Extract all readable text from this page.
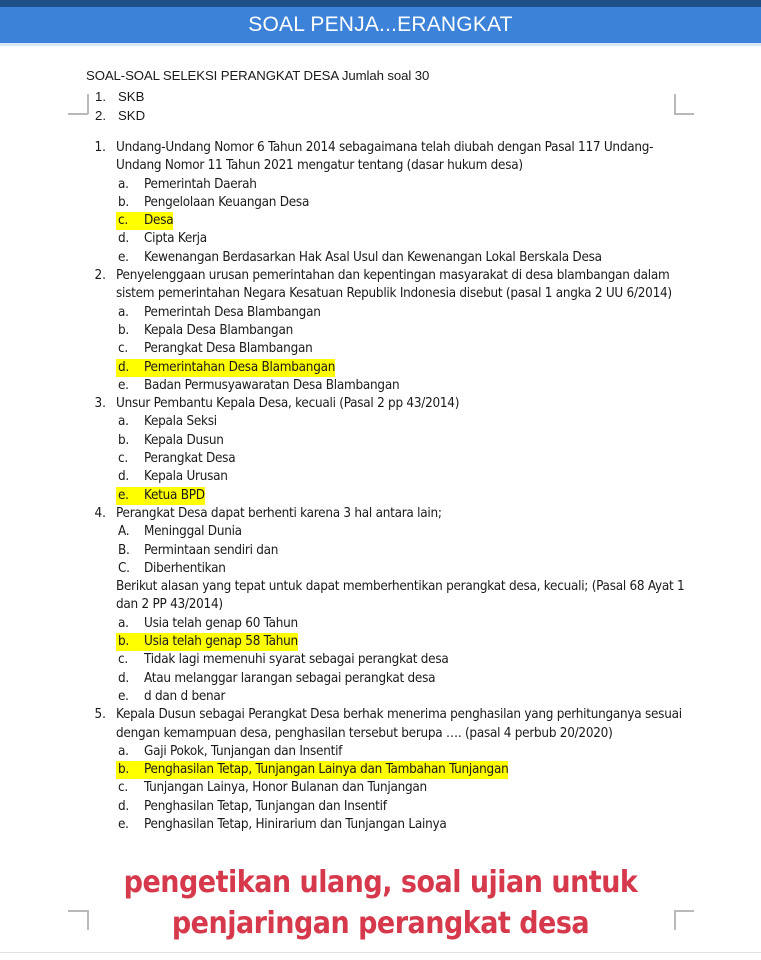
SOAL PENJA...ERANGKAT
SOAL-SOAL SELEKSI PERANGKAT DESA Jumlah soal 30
1. SKB
2. SKD
1. Undang-Undang Nomor 6 Tahun 2014 sebagaimana telah diubah dengan Pasal 117 Undang-Undang Nomor 11 Tahun 2021 mengatur tentang (dasar hukum desa)
a.	Pemerintah Daerah
b.	Pengelolaan Keuangan Desa
c.	Desa
d.	Cipta Kerja
e.	Kewenangan Berdasarkan Hak Asal Usul dan Kewenangan Lokal Berskala Desa
2. Penyelenggaan urusan pemerintahan dan kepentingan masyarakat di desa blambangan dalam sistem pemerintahan Negara Kesatuan Republik Indonesia disebut (pasal 1 angka 2 UU 6/2014)
a.	Pemerintah Desa Blambangan
b.	Kepala Desa Blambangan
c.	Perangkat Desa Blambangan
d.	Pemerintahan Desa Blambangan
e.	Badan Permusyawaratan Desa Blambangan
3. Unsur Pembantu Kepala Desa, kecuali (Pasal 2 pp 43/2014)
a.	Kepala Seksi
b.	Kepala Dusun
c.	Perangkat Desa
d.	Kepala Urusan
e.	Ketua BPD
4. Perangkat Desa dapat berhenti karena 3 hal antara lain;
A.	Meninggal Dunia
B.	Permintaan sendiri dan
C.	Diberhentikan
Berikut alasan yang tepat untuk dapat memberhentikan perangkat desa, kecuali; (Pasal 68 Ayat 1 dan 2 PP 43/2014)
a.	Usia telah genap 60 Tahun
b.	Usia telah genap 58 Tahun
c.	Tidak lagi memenuhi syarat sebagai perangkat desa
d.	Atau melanggar larangan sebagai perangkat desa
e.	d dan d benar
5. Kepala Dusun sebagai Perangkat Desa berhak menerima penghasilan yang perhitunganya sesuai dengan kemampuan desa, penghasilan tersebut berupa …. (pasal 4 perbub 20/2020)
a.	Gaji Pokok, Tunjangan dan Insentif
b.	Penghasilan Tetap, Tunjangan Lainya dan Tambahan Tunjangan
c.	Tunjangan Lainya, Honor Bulanan dan Tunjangan
d.	Penghasilan Tetap, Tunjangan dan Insentif
e.	Penghasilan Tetap, Hinirarium dan Tunjangan Lainya
pengetikan ulang, soal ujian untuk
penjaringan perangkat desa
